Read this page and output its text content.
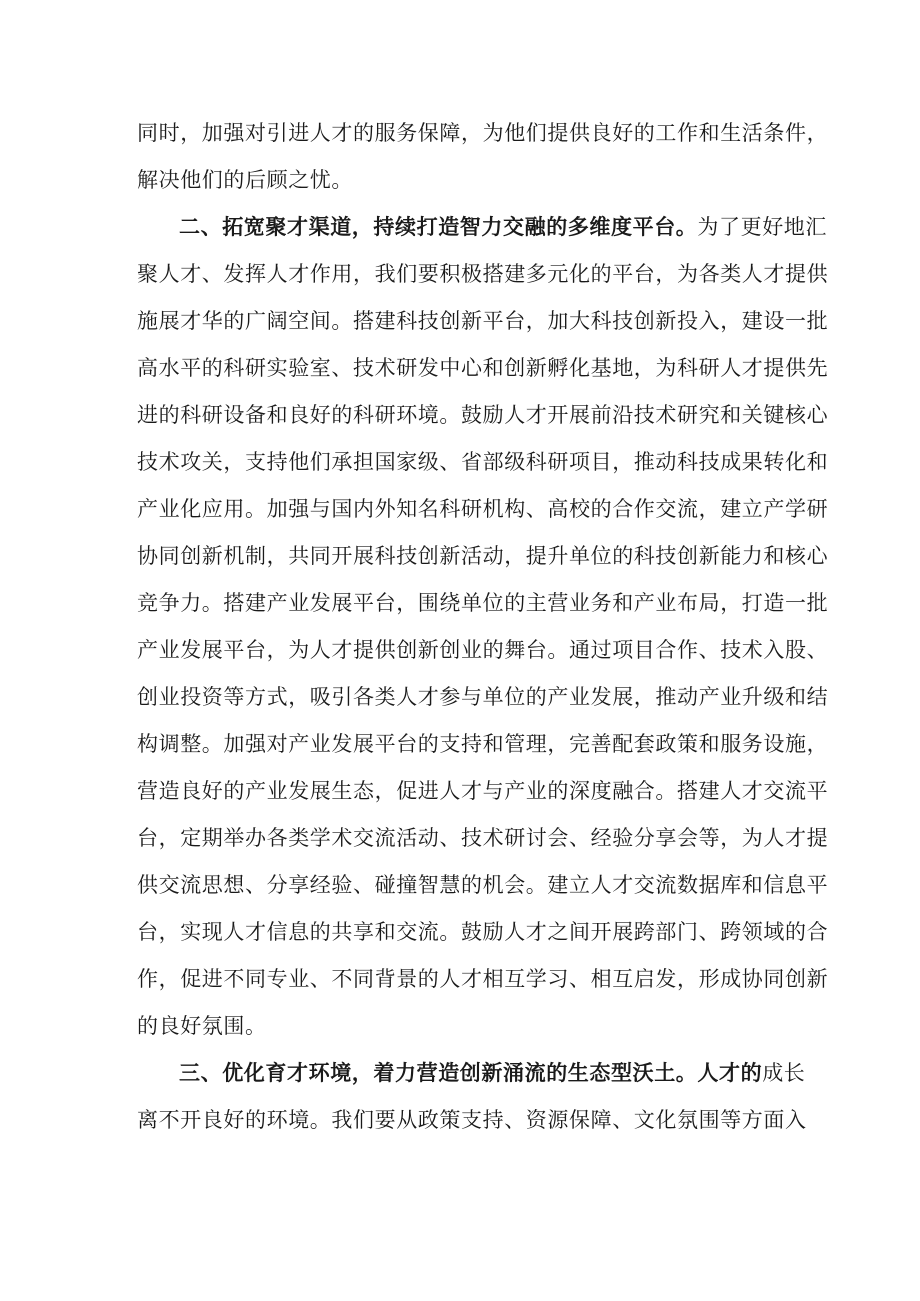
同时，加强对引进人才的服务保障，为他们提供良好的工作和生活条件，
解决他们的后顾之忧。
二、拓宽聚才渠道，持续打造智力交融的多维度平台。为了更好地汇
聚人才、发挥人才作用，我们要积极搭建多元化的平台，为各类人才提供
施展才华的广阔空间。搭建科技创新平台，加大科技创新投入，建设一批
高水平的科研实验室、技术研发中心和创新孵化基地，为科研人才提供先
进的科研设备和良好的科研环境。鼓励人才开展前沿技术研究和关键核心
技术攻关，支持他们承担国家级、省部级科研项目，推动科技成果转化和
产业化应用。加强与国内外知名科研机构、高校的合作交流，建立产学研
协同创新机制，共同开展科技创新活动，提升单位的科技创新能力和核心
竞争力。搭建产业发展平台，围绕单位的主营业务和产业布局，打造一批
产业发展平台，为人才提供创新创业的舞台。通过项目合作、技术入股、
创业投资等方式，吸引各类人才参与单位的产业发展，推动产业升级和结
构调整。加强对产业发展平台的支持和管理，完善配套政策和服务设施，
营造良好的产业发展生态，促进人才与产业的深度融合。搭建人才交流平
台，定期举办各类学术交流活动、技术研讨会、经验分享会等，为人才提
供交流思想、分享经验、碰撞智慧的机会。建立人才交流数据库和信息平
台，实现人才信息的共享和交流。鼓励人才之间开展跨部门、跨领域的合
作，促进不同专业、不同背景的人才相互学习、相互启发，形成协同创新
的良好氛围。
三、优化育才环境，着力营造创新涌流的生态型沃土。人才的成长
离不开良好的环境。我们要从政策支持、资源保障、文化氛围等方面入
